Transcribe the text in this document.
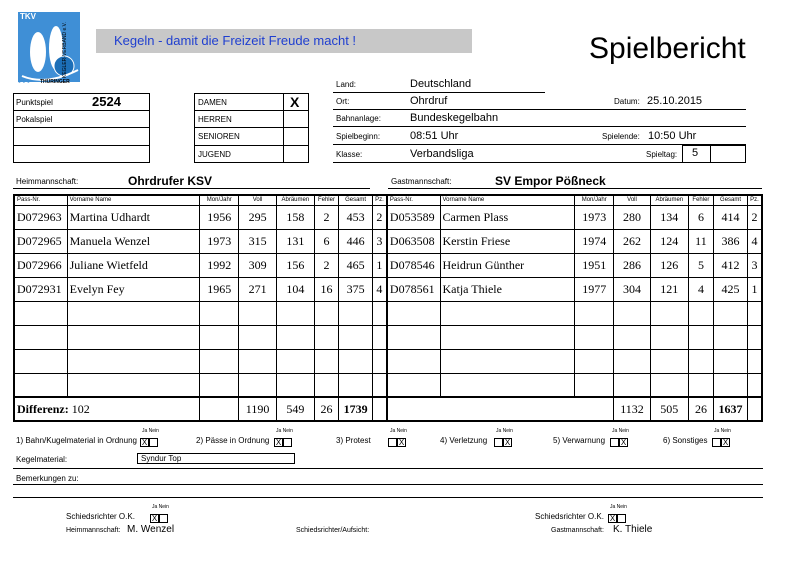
TKV
● ● ● THÜRINGER
KEGLER-VERBAND e.V.	Kegeln - damit die Freizeit Freude macht !	Spielbericht
Punktspiel	2524
Pokalspiel
DAMEN	X
HERREN
SENIOREN
JUGEND
Land:	Deutschland
Ort:	Ohrdruf	Datum: 25.10.2015
Bahnanlage:	Bundeskegelbahn
Spielbeginn:	08:51 Uhr	Spielende: 10:50 Uhr
Klasse:	Verbandsliga	Spieltag: 5
Heimmannschaft:	Ohrdrufer KSV	Gastmannschaft:	SV Empor Pößneck
Pass-Nr.	Vorname Name	Mon/Jahr	Voll	Abräumen	Fehler	Gesamt	Pz.	Pass-Nr.	Vorname Name	Mon/Jahr	Voll	Abräumen	Fehler	Gesamt	Pz.
D072963	Martina Udhardt	1956	295	158	2	453	2	D053589	Carmen Plass	1973	280	134	6	414	2
D072965	Manuela Wenzel	1973	315	131	6	446	3	D063508	Kerstin Friese	1974	262	124	11	386	4
D072966	Juliane Wietfeld	1992	309	156	2	465	1	D078546	Heidrun Günther	1951	286	126	5	412	3
D072931	Evelyn Fey	1965	271	104	16	375	4	D078561	Katja Thiele	1977	304	121	4	425	1

Differenz: 102			1190	549	26	1739					1132	505	26	1637	
1) Bahn/Kugelmaterial in Ordnung X
Ja Nein
2) Pässe in Ordnung X
Ja Nein
3) Protest	X
Ja Nein
4) Verletzung	X
Ja Nein
5) Verwarnung	X
Ja Nein
6) Sonstiges	X
Ja Nein
Kegelmaterial:	Syndur Top
Bemerkungen zu:
Schiedsrichter O.K. X
Ja Nein
Schiedsrichter O.K. X
Ja Nein
Heimmannschaft: M. Wenzel	Schiedsrichter/Aufsicht:	Gastmannschaft: K. Thiele
